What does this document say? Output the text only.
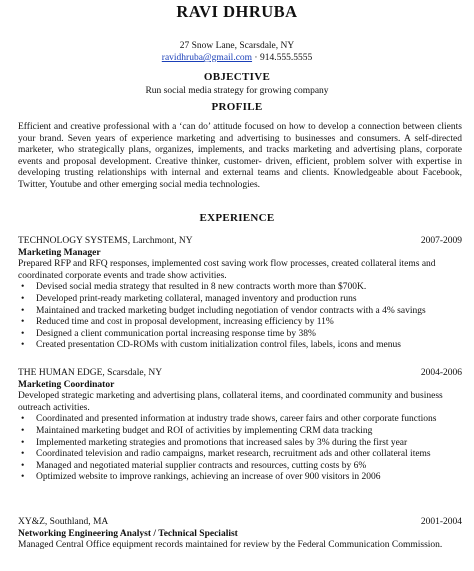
RAVI DHRUBA
27 Snow Lane, Scarsdale, NY
ravidhruba@gmail.com · 914.555.5555
OBJECTIVE
Run social media strategy for growing company
PROFILE
Efficient and creative professional with a ‘can do’ attitude focused on how to develop a connection between clients your brand. Seven years of experience marketing and advertising to businesses and consumers. A self-directed marketer, who strategically plans, organizes, implements, and tracks marketing and advertising plans, corporate events and proposal development. Creative thinker, customer- driven, efficient, problem solver with expertise in developing trusting relationships with internal and external teams and clients. Knowledgeable about Facebook, Twitter, Youtube and other emerging social media technologies.
EXPERIENCE
TECHNOLOGY SYSTEMS, Larchmont, NY	2007-2009
Marketing Manager
Prepared RFP and RFQ responses, implemented cost saving work flow processes, created collateral items and coordinated corporate events and trade show activities.
• Devised social media strategy that resulted in 8 new contracts worth more than $700K.
• Developed print-ready marketing collateral, managed inventory and production runs
• Maintained and tracked marketing budget including negotiation of vendor contracts with a 4% savings
• Reduced time and cost in proposal development, increasing efficiency by 11%
• Designed a client communication portal increasing response time by 38%
• Created presentation CD-ROMs with custom initialization control files, labels, icons and menus
THE HUMAN EDGE, Scarsdale, NY	2004-2006
Marketing Coordinator
Developed strategic marketing and advertising plans, collateral items, and coordinated community and business outreach activities.
• Coordinated and presented information at industry trade shows, career fairs and other corporate functions
• Maintained marketing budget and ROI of activities by implementing CRM data tracking
• Implemented marketing strategies and promotions that increased sales by 3% during the first year
• Coordinated television and radio campaigns, market research, recruitment ads and other collateral items
• Managed and negotiated material supplier contracts and resources, cutting costs by 6%
• Optimized website to improve rankings, achieving an increase of over 900 visitors in 2006
XY&Z, Southland, MA	2001-2004
Networking Engineering Analyst / Technical Specialist
Managed Central Office equipment records maintained for review by the Federal Communication Commission.
